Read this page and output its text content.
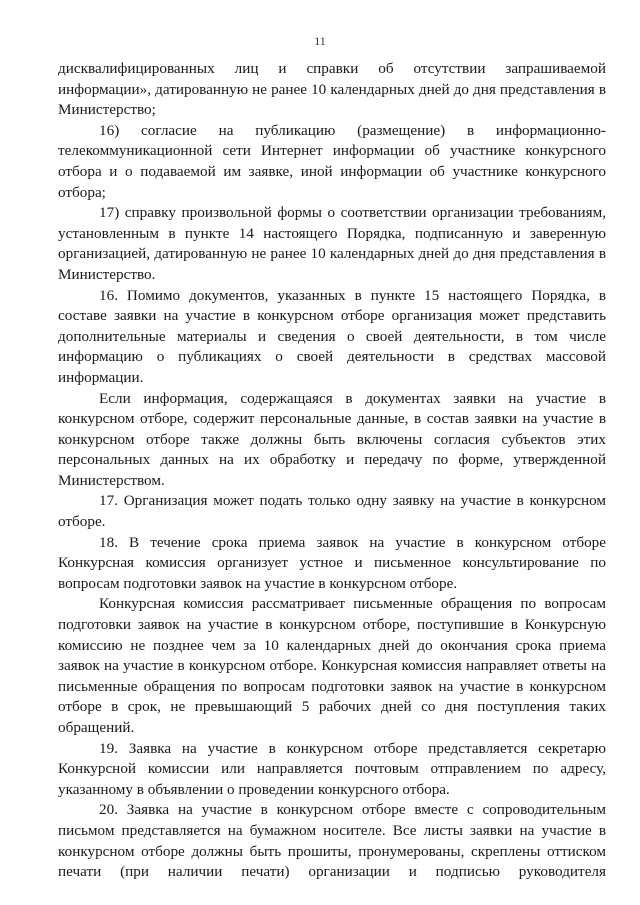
11

дисквалифицированных лиц и справки об отсутствии запрашиваемой информации», датированную не ранее 10 календарных дней до дня представления в Министерство;

16) согласие на публикацию (размещение) в информационно-телекоммуникационной сети Интернет информации об участнике конкурсного отбора и о подаваемой им заявке, иной информации об участнике конкурсного отбора;

17) справку произвольной формы о соответствии организации требованиям, установленным в пункте 14 настоящего Порядка, подписанную и заверенную организацией, датированную не ранее 10 календарных дней до дня представления в Министерство.

16. Помимо документов, указанных в пункте 15 настоящего Порядка, в составе заявки на участие в конкурсном отборе организация может представить дополнительные материалы и сведения о своей деятельности, в том числе информацию о публикациях о своей деятельности в средствах массовой информации.

Если информация, содержащаяся в документах заявки на участие в конкурсном отборе, содержит персональные данные, в состав заявки на участие в конкурсном отборе также должны быть включены согласия субъектов этих персональных данных на их обработку и передачу по форме, утвержденной Министерством.

17. Организация может подать только одну заявку на участие в конкурсном отборе.

18. В течение срока приема заявок на участие в конкурсном отборе Конкурсная комиссия организует устное и письменное консультирование по вопросам подготовки заявок на участие в конкурсном отборе.

Конкурсная комиссия рассматривает письменные обращения по вопросам подготовки заявок на участие в конкурсном отборе, поступившие в Конкурсную комиссию не позднее чем за 10 календарных дней до окончания срока приема заявок на участие в конкурсном отборе. Конкурсная комиссия направляет ответы на письменные обращения по вопросам подготовки заявок на участие в конкурсном отборе в срок, не превышающий 5 рабочих дней со дня поступления таких обращений.

19. Заявка на участие в конкурсном отборе представляется секретарю Конкурсной комиссии или направляется почтовым отправлением по адресу, указанному в объявлении о проведении конкурсного отбора.

20. Заявка на участие в конкурсном отборе вместе с сопроводительным письмом представляется на бумажном носителе. Все листы заявки на участие в конкурсном отборе должны быть прошиты, пронумерованы, скреплены оттиском печати (при наличии печати) организации и подписью руководителя
